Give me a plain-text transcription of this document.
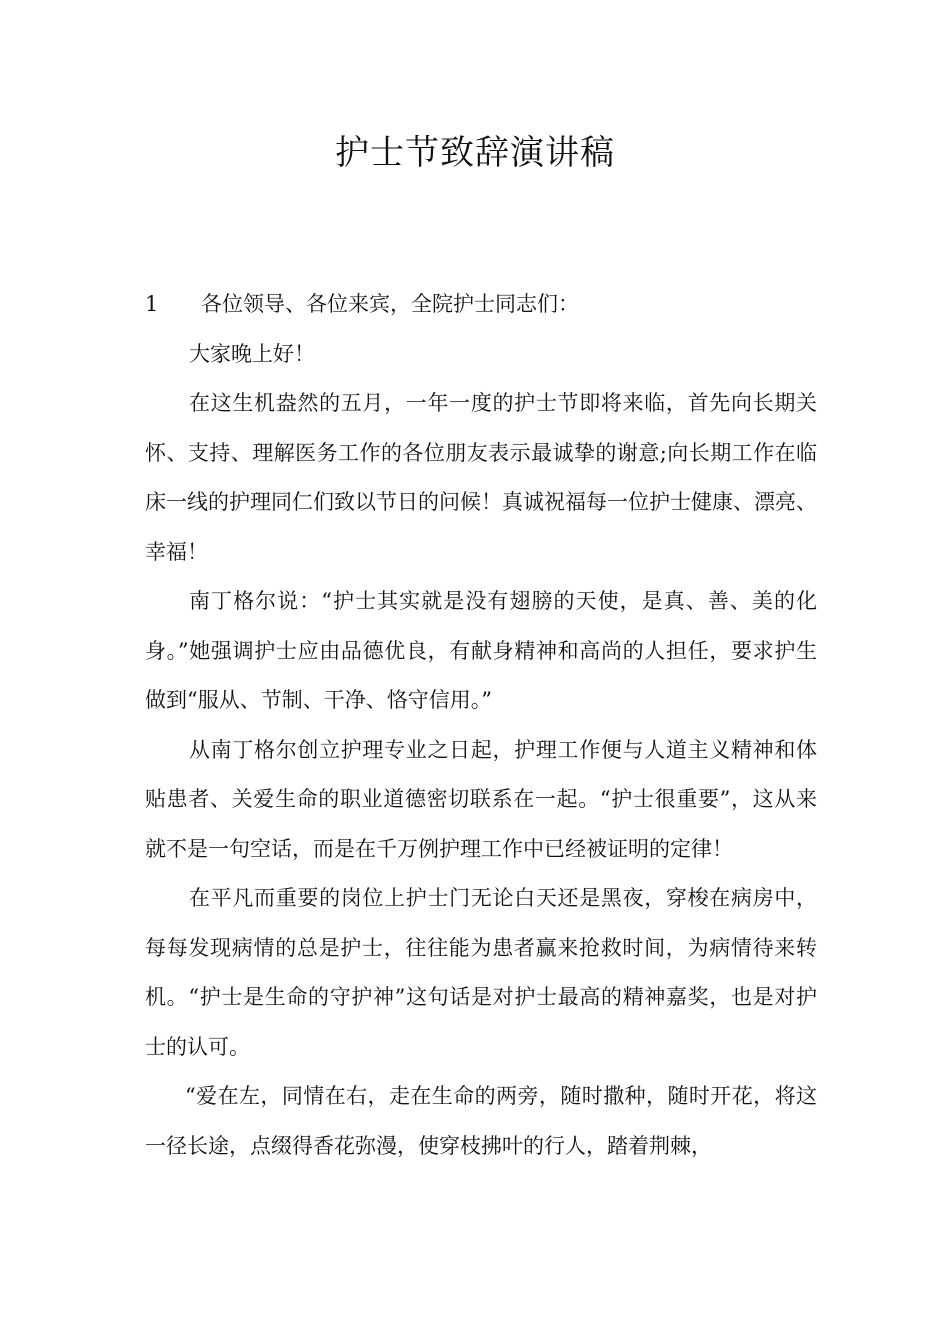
护士节致辞演讲稿

1 各位领导、各位来宾，全院护士同志们：

大家晚上好！

在这生机盎然的五月，一年一度的护士节即将来临，首先向长期关怀、支持、理解医务工作的各位朋友表示最诚挚的谢意;向长期工作在临床一线的护理同仁们致以节日的问候！真诚祝福每一位护士健康、漂亮、幸福！

南丁格尔说：“护士其实就是没有翅膀的天使，是真、善、美的化身。”她强调护士应由品德优良，有献身精神和高尚的人担任，要求护生做到“服从、节制、干净、恪守信用。”

从南丁格尔创立护理专业之日起，护理工作便与人道主义精神和体贴患者、关爱生命的职业道德密切联系在一起。“护士很重要”，这从来就不是一句空话，而是在千万例护理工作中已经被证明的定律！

在平凡而重要的岗位上护士门无论白天还是黑夜，穿梭在病房中，每每发现病情的总是护士，往往能为患者赢来抢救时间，为病情待来转机。“护士是生命的守护神”这句话是对护士最高的精神嘉奖，也是对护士的认可。

“爱在左，同情在右，走在生命的两旁，随时撒种，随时开花，将这一径长途，点缀得香花弥漫，使穿枝拂叶的行人，踏着荆棘，
